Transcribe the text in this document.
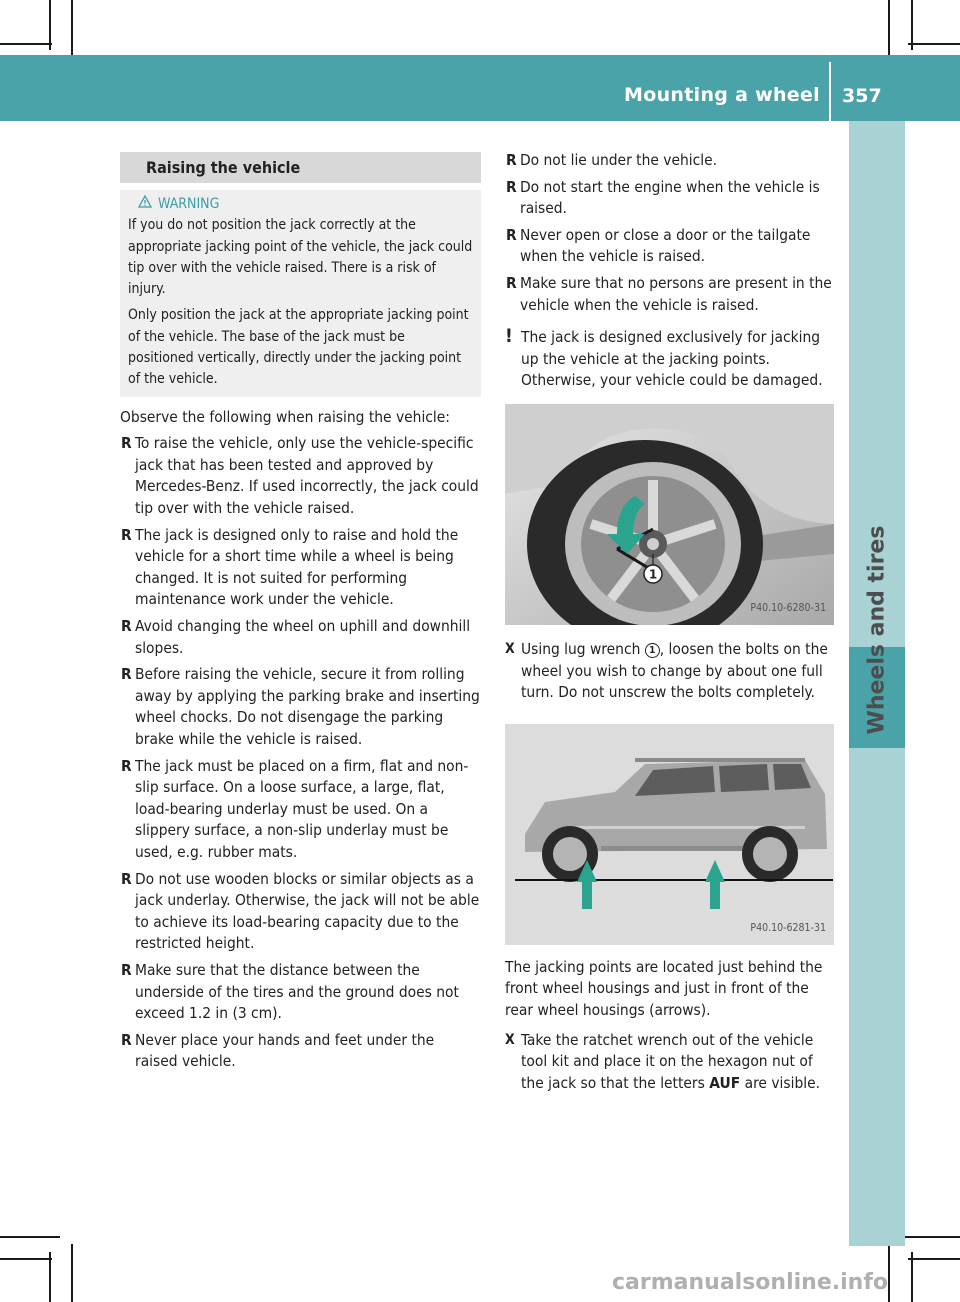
Mounting a wheel 357
Wheels and tires
Raising the vehicle
WARNING

If you do not position the jack correctly at the appropriate jacking point of the vehicle, the jack could tip over with the vehicle raised. There is a risk of injury.

Only position the jack at the appropriate jacking point of the vehicle. The base of the jack must be positioned vertically, directly under the jacking point of the vehicle.

Observe the following when raising the vehicle:

R To raise the vehicle, only use the vehicle-specific jack that has been tested and approved by Mercedes-Benz. If used incorrectly, the jack could tip over with the vehicle raised.
R The jack is designed only to raise and hold the vehicle for a short time while a wheel is being changed. It is not suited for performing maintenance work under the vehicle.
R Avoid changing the wheel on uphill and downhill slopes.
R Before raising the vehicle, secure it from rolling away by applying the parking brake and inserting wheel chocks. Do not disengage the parking brake while the vehicle is raised.
R The jack must be placed on a firm, flat and non-slip surface. On a loose surface, a large, flat, load-bearing underlay must be used. On a slippery surface, a non-slip underlay must be used, e.g. rubber mats.
R Do not use wooden blocks or similar objects as a jack underlay. Otherwise, the jack will not be able to achieve its load-bearing capacity due to the restricted height.
R Make sure that the distance between the underside of the tires and the ground does not exceed 1.2 in (3 cm).
R Never place your hands and feet under the raised vehicle.
R Do not lie under the vehicle.
R Do not start the engine when the vehicle is raised.
R Never open or close a door or the tailgate when the vehicle is raised.
R Make sure that no persons are present in the vehicle when the vehicle is raised.
! The jack is designed exclusively for jacking up the vehicle at the jacking points. Otherwise, your vehicle could be damaged.
1
P40.10-6280-31
X Using lug wrench 1 , loosen the bolts on the wheel you wish to change by about one full turn. Do not unscrew the bolts completely.
P40.10-6281-31

The jacking points are located just behind the front wheel housings and just in front of the rear wheel housings (arrows).

X Take the ratchet wrench out of the vehicle tool kit and place it on the hexagon nut of the jack so that the letters AUF are visible.
carmanualsonline.info
